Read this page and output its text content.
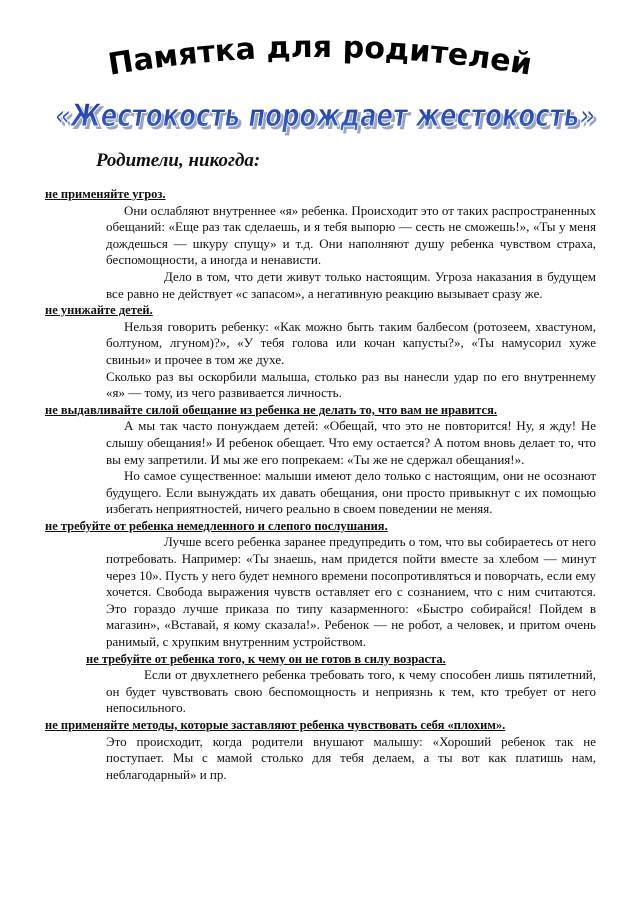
Памятка для родителей
«Жестокость порождает жестокость»
«Жестокость порождает жестокость»
Родители, никогда:
не применяйте угроз.

Они ослабляют внутреннее «я» ребенка. Происходит это от таких распространенных обещаний: «Еще раз так сделаешь, и я тебя выпорю — сесть не сможешь!», «Ты у меня дождешься — шкуру спущу» и т.д. Они наполняют душу ребенка чувством страха, беспомощности, а иногда и ненависти.

Дело в том, что дети живут только настоящим. Угроза наказания в будущем все равно не действует «с запасом», а негативную реакцию вызывает сразу же.

не унижайте детей.

Нельзя говорить ребенку: «Как можно быть таким балбесом (ротозеем, хвастуном, болтуном, лгуном)?», «У тебя голова или кочан капусты?», «Ты намусорил хуже свиньи» и прочее в том же духе.

Сколько раз вы оскорбили малыша, столько раз вы нанесли удар по его внутреннему «я» — тому, из чего развивается личность.

не выдавливайте силой обещание из ребенка не делать то, что вам не нравится.

А мы так часто понуждаем детей: «Обещай, что это не повторится! Ну, я жду! Не слышу обещания!» И ребенок обещает. Что ему остается? А потом вновь делает то, что вы ему запретили. И мы же его попрекаем: «Ты же не сдержал обещания!».

Но самое существенное: малыши имеют дело только с настоящим, они не осознают будущего. Если вынуждать их давать обещания, они просто привыкнут с их помощью избегать неприятностей, ничего реально в своем поведении не меняя.

не требуйте от ребенка немедленного и слепого послушания.

Лучше всего ребенка заранее предупредить о том, что вы собираетесь от него потребовать. Например: «Ты знаешь, нам придется пойти вместе за хлебом — минут через 10». Пусть у него будет немного времени посопротивляться и поворчать, если ему хочется. Свобода выражения чувств оставляет его с сознанием, что с ним считаются. Это гораздо лучше приказа по типу казарменного: «Быстро собирайся! Пойдем в магазин», «Вставай, я кому сказала!». Ребенок — не робот, а человек, и притом очень ранимый, с хрупким внутренним устройством.

не требуйте от ребенка того, к чему он не готов в силу возраста.

Если от двухлетнего ребенка требовать того, к чему способен лишь пятилетний, он будет чувствовать свою беспомощность и неприязнь к тем, кто требует от него непосильного.

не применяйте методы, которые заставляют ребенка чувствовать себя «плохим».

Это происходит, когда родители внушают малышу: «Хороший ребенок так не поступает. Мы с мамой столько для тебя делаем, а ты вот как платишь нам, неблагодарный» и пр.
